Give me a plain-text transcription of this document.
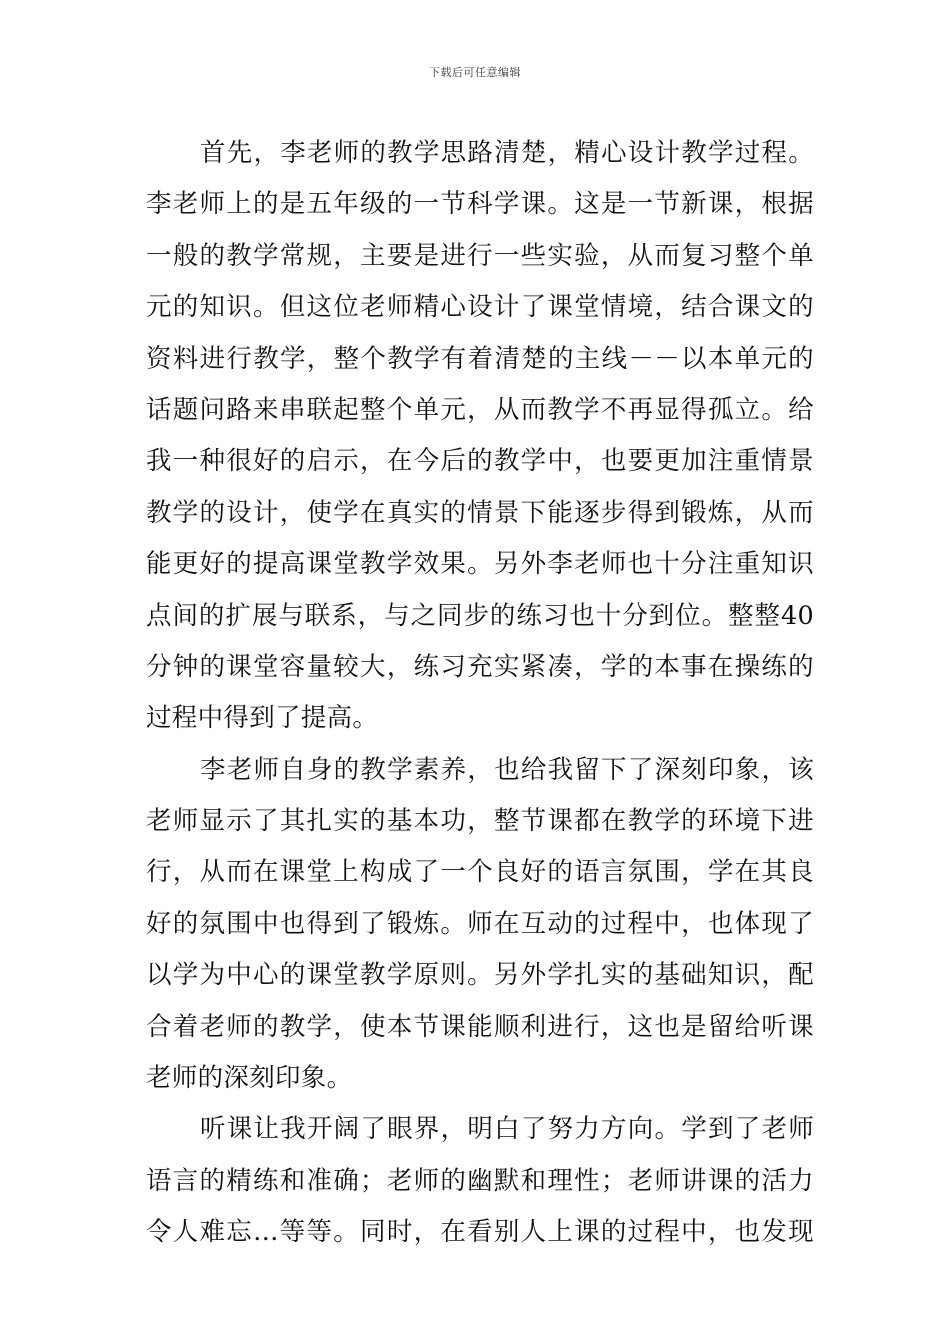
下载后可任意编辑
首先，李老师的教学思路清楚，精心设计教学过程。
李老师上的是五年级的一节科学课。这是一节新课，根据
一般的教学常规，主要是进行一些实验，从而复习整个单
元的知识。但这位老师精心设计了课堂情境，结合课文的
资料进行教学，整个教学有着清楚的主线－－以本单元的
话题问路来串联起整个单元，从而教学不再显得孤立。给
我一种很好的启示，在今后的教学中，也要更加注重情景
教学的设计，使学在真实的情景下能逐步得到锻炼，从而
能更好的提高课堂教学效果。另外李老师也十分注重知识
点间的扩展与联系，与之同步的练习也十分到位。整整40
分钟的课堂容量较大，练习充实紧凑，学的本事在操练的
过程中得到了提高。
李老师自身的教学素养，也给我留下了深刻印象，该
老师显示了其扎实的基本功，整节课都在教学的环境下进
行，从而在课堂上构成了一个良好的语言氛围，学在其良
好的氛围中也得到了锻炼。师在互动的过程中，也体现了
以学为中心的课堂教学原则。另外学扎实的基础知识，配
合着老师的教学，使本节课能顺利进行，这也是留给听课
老师的深刻印象。
听课让我开阔了眼界，明白了努力方向。学到了老师
语言的精练和准确；老师的幽默和理性；老师讲课的活力
令人难忘…等等。同时，在看别人上课的过程中，也发现
